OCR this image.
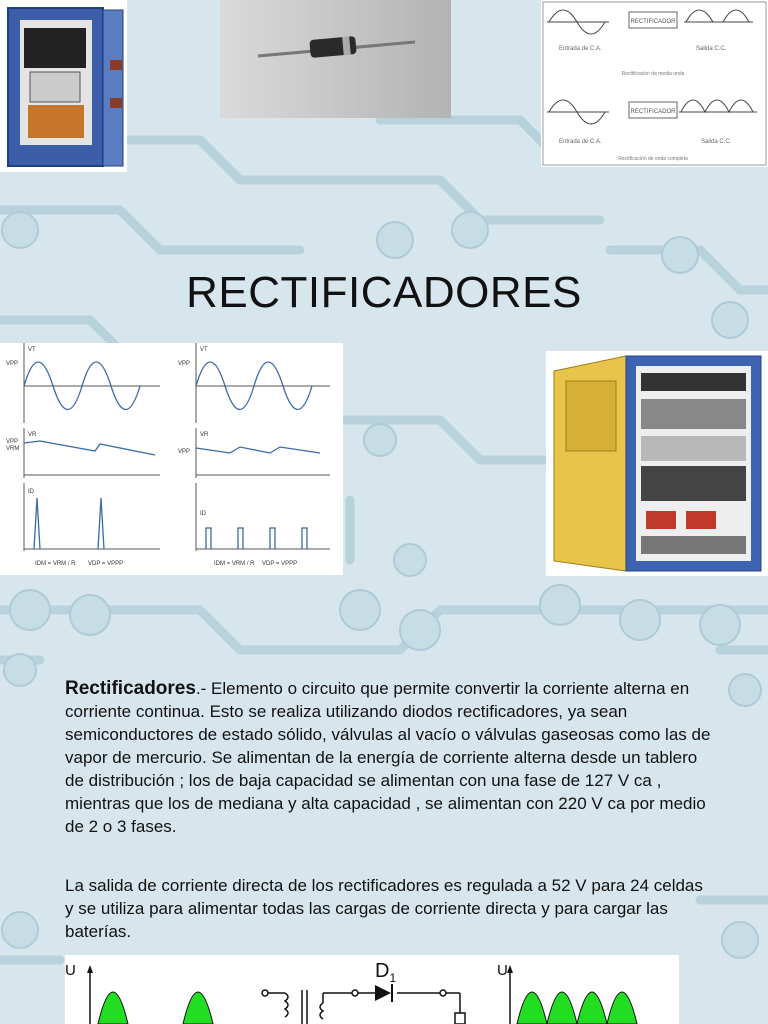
RECTIFICADOR
Entrada de C.A.	Salida C.C.
Rectificación de media onda
RECTIFICADOR
Entrada de C.A.	Salida C.C.
Rectificación de onda completa
RECTIFICADORES
VT
VPP
VR
VPP
VRM
ID
IDM = VRM / R VDP = VPPP
VT
VPP
VR
VPP
ID
IDM = VRM / R VDP = VPPP
Rectificadores.- Elemento o circuito que permite convertir la corriente alterna en corriente continua. Esto se realiza utilizando diodos rectificadores, ya sean semiconductores de estado sólido, válvulas al vacío o válvulas gaseosas como las de vapor de mercurio. Se alimentan de la energía de corriente alterna desde un tablero de distribución ; los de baja capacidad se alimentan con una fase de 127 V ca , mientras que los de mediana y alta capacidad , se alimentan con 220 V ca por medio de 2 o 3 fases.
La salida de corriente directa de los rectificadores es regulada a 52 V para 24 celdas y se utiliza para alimentar todas las cargas de corriente directa y para cargar las baterías.
U	$D_1$	U
